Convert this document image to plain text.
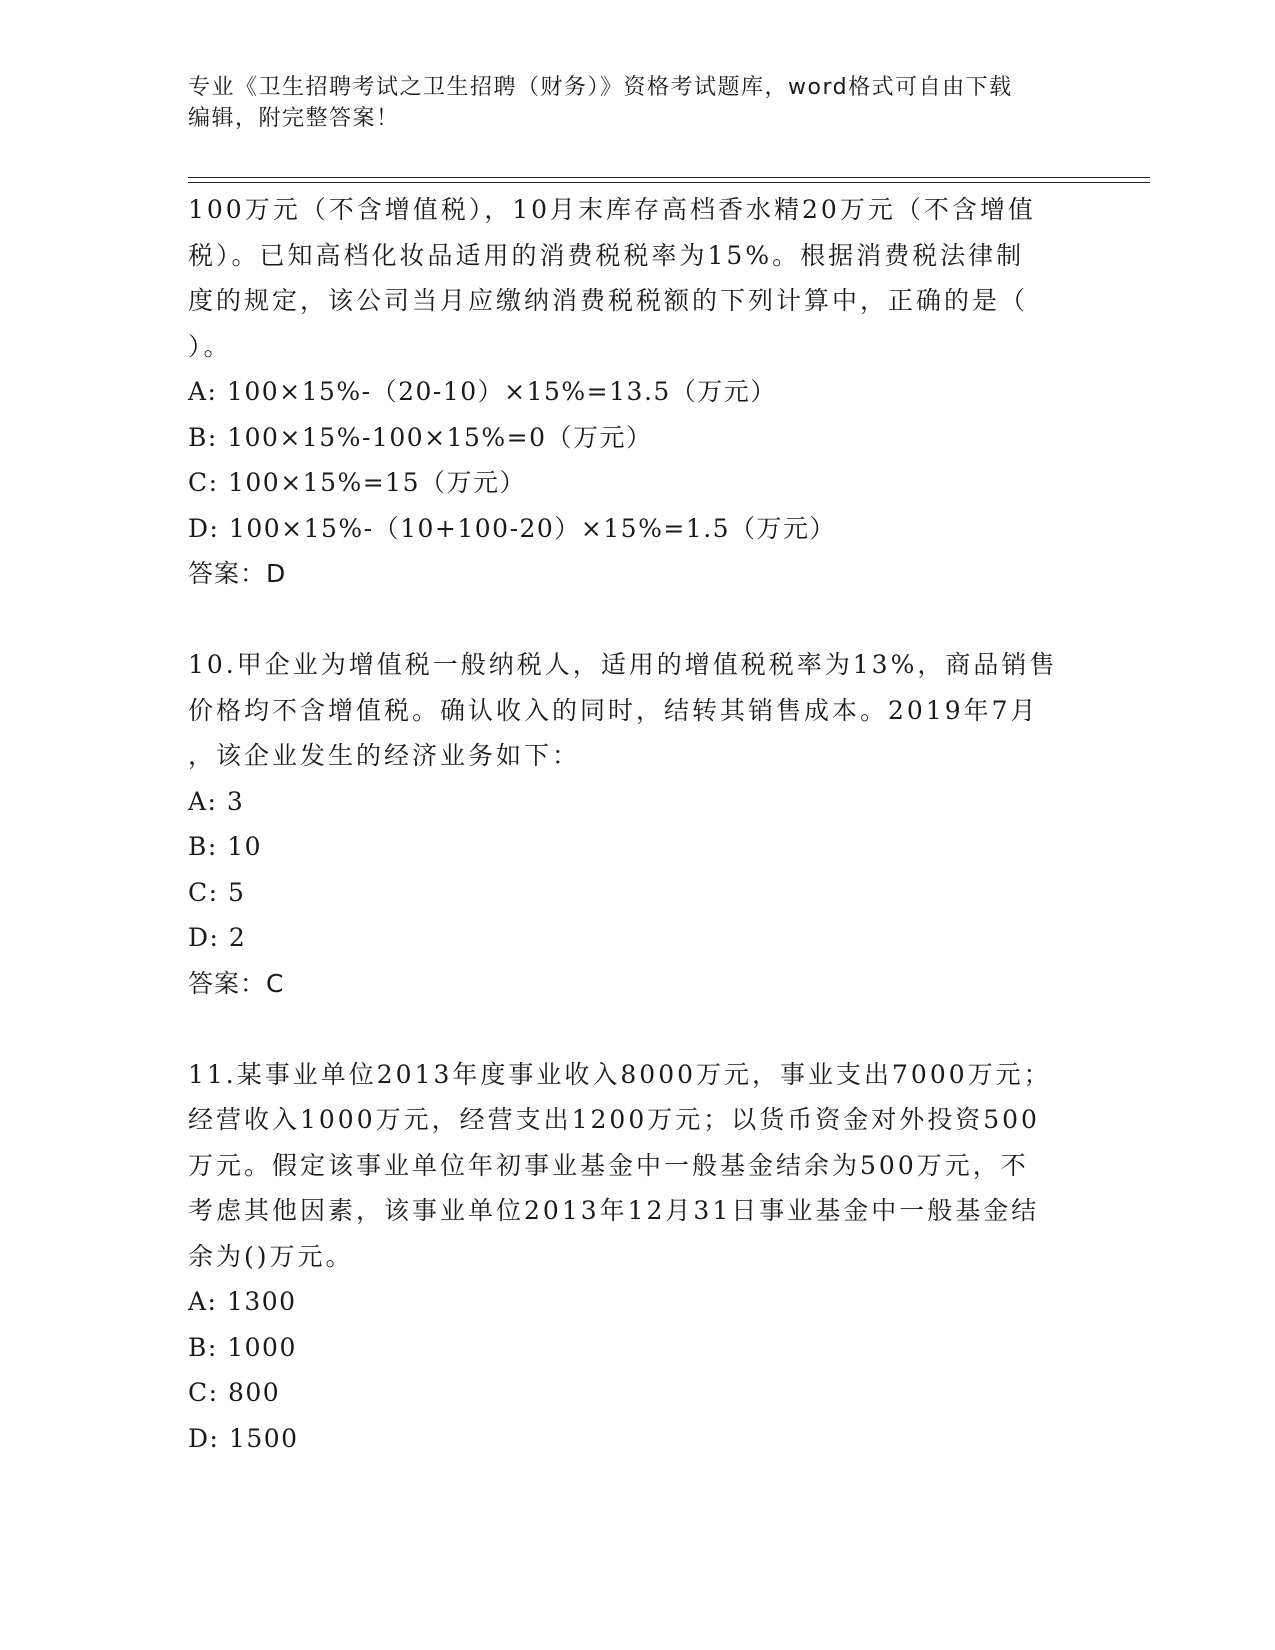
专业《卫生招聘考试之卫生招聘（财务）》资格考试题库，word格式可自由下载
编辑，附完整答案！
100万元（不含增值税），10月末库存高档香水精20万元（不含增值
税）。已知高档化妆品适用的消费税税率为15%。根据消费税法律制
度的规定，该公司当月应缴纳消费税税额的下列计算中，正确的是（
）。
A: 100×15%-（20-10）×15%=13.5（万元）
B: 100×15%-100×15%=0（万元）
C: 100×15%=15（万元）
D: 100×15%-（10+100-20）×15%=1.5（万元）
答案：D
10.甲企业为增值税一般纳税人，适用的增值税税率为13%，商品销售
价格均不含增值税。确认收入的同时，结转其销售成本。2019年7月
，该企业发生的经济业务如下：
A: 3
B: 10
C: 5
D: 2
答案：C
11.某事业单位2013年度事业收入8000万元，事业支出7000万元；
经营收入1000万元，经营支出1200万元；以货币资金对外投资500
万元。假定该事业单位年初事业基金中一般基金结余为500万元，不
考虑其他因素，该事业单位2013年12月31日事业基金中一般基金结
余为()万元。
A: 1300
B: 1000
C: 800
D: 1500
